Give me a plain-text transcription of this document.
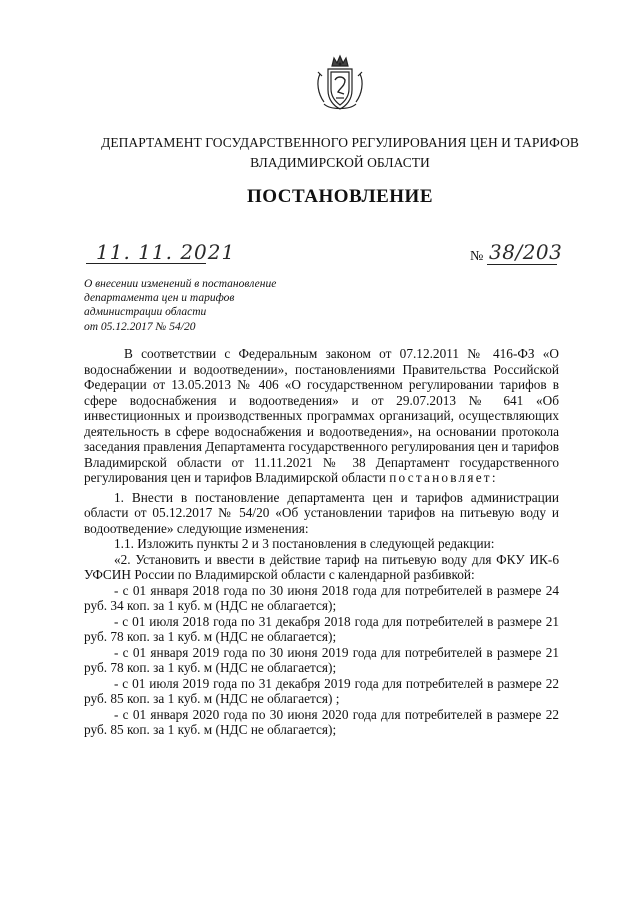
ДЕПАРТАМЕНТ ГОСУДАРСТВЕННОГО РЕГУЛИРОВАНИЯ ЦЕН И ТАРИФОВ
ВЛАДИМИРСКОЙ ОБЛАСТИ
ПОСТАНОВЛЕНИЕ
11. 11. 2021	№ 38/203
О внесении изменений в постановление
департамента цен и тарифов
администрации области
от 05.12.2017 № 54/20

В соответствии с Федеральным законом от 07.12.2011 № 416-ФЗ «О водоснабжении и водоотведении», постановлениями Правительства Российской Федерации от 13.05.2013 № 406 «О государственном регулировании тарифов в сфере водоснабжения и водоотведения» и от 29.07.2013 № 641 «Об инвестиционных и производственных программах организаций, осуществляющих деятельность в сфере водоснабжения и водоотведения», на основании протокола заседания правления Департамента государственного регулирования цен и тарифов Владимирской области от 11.11.2021 № 38 Департамент государственного регулирования цен и тарифов Владимирской области постановляет:

1. Внести в постановление департамента цен и тарифов администрации области от 05.12.2017 № 54/20 «Об установлении тарифов на питьевую воду и водоотведение» следующие изменения:

1.1. Изложить пункты 2 и 3 постановления в следующей редакции:

«2. Установить и ввести в действие тариф на питьевую воду для ФКУ ИК-6 УФСИН России по Владимирской области с календарной разбивкой:

- с 01 января 2018 года по 30 июня 2018 года для потребителей в размере 24 руб. 34 коп. за 1 куб. м (НДС не облагается);

- с 01 июля 2018 года по 31 декабря 2018 года для потребителей в размере 21 руб. 78 коп. за 1 куб. м (НДС не облагается);

- с 01 января 2019 года по 30 июня 2019 года для потребителей в размере 21 руб. 78 коп. за 1 куб. м (НДС не облагается);

- с 01 июля 2019 года по 31 декабря 2019 года для потребителей в размере 22 руб. 85 коп. за 1 куб. м (НДС не облагается) ;

- с 01 января 2020 года по 30 июня 2020 года для потребителей в размере 22 руб. 85 коп. за 1 куб. м (НДС не облагается);
